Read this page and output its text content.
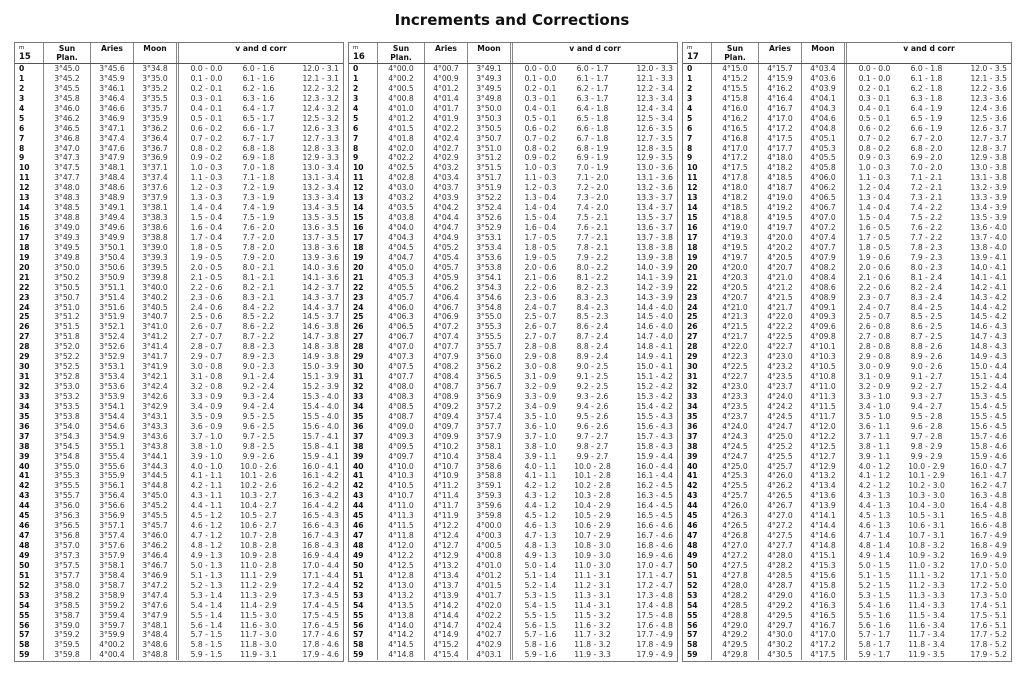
Increments and Corrections
m
15
Sun
Plan.
Aries	Moon	v and d corr
0	3°45.0	3°45.6	3°34.8	0.0 - 0.0	6.0 - 1.6	12.0 - 3.1
1	3°45.2	3°45.9	3°35.0	0.1 - 0.0	6.1 - 1.6	12.1 - 3.1
2	3°45.5	3°46.1	3°35.2	0.2 - 0.1	6.2 - 1.6	12.2 - 3.2
3	3°45.8	3°46.4	3°35.5	0.3 - 0.1	6.3 - 1.6	12.3 - 3.2
4	3°46.0	3°46.6	3°35.7	0.4 - 0.1	6.4 - 1.7	12.4 - 3.2
5	3°46.2	3°46.9	3°35.9	0.5 - 0.1	6.5 - 1.7	12.5 - 3.2
6	3°46.5	3°47.1	3°36.2	0.6 - 0.2	6.6 - 1.7	12.6 - 3.3
7	3°46.8	3°47.4	3°36.4	0.7 - 0.2	6.7 - 1.7	12.7 - 3.3
8	3°47.0	3°47.6	3°36.7	0.8 - 0.2	6.8 - 1.8	12.8 - 3.3
9	3°47.3	3°47.9	3°36.9	0.9 - 0.2	6.9 - 1.8	12.9 - 3.3
10	3°47.5	3°48.1	3°37.1	1.0 - 0.3	7.0 - 1.8	13.0 - 3.4
11	3°47.7	3°48.4	3°37.4	1.1 - 0.3	7.1 - 1.8	13.1 - 3.4
12	3°48.0	3°48.6	3°37.6	1.2 - 0.3	7.2 - 1.9	13.2 - 3.4
13	3°48.3	3°48.9	3°37.9	1.3 - 0.3	7.3 - 1.9	13.3 - 3.4
14	3°48.5	3°49.1	3°38.1	1.4 - 0.4	7.4 - 1.9	13.4 - 3.5
15	3°48.8	3°49.4	3°38.3	1.5 - 0.4	7.5 - 1.9	13.5 - 3.5
16	3°49.0	3°49.6	3°38.6	1.6 - 0.4	7.6 - 2.0	13.6 - 3.5
17	3°49.3	3°49.9	3°38.8	1.7 - 0.4	7.7 - 2.0	13.7 - 3.5
18	3°49.5	3°50.1	3°39.0	1.8 - 0.5	7.8 - 2.0	13.8 - 3.6
19	3°49.8	3°50.4	3°39.3	1.9 - 0.5	7.9 - 2.0	13.9 - 3.6
20	3°50.0	3°50.6	3°39.5	2.0 - 0.5	8.0 - 2.1	14.0 - 3.6
21	3°50.2	3°50.9	3°39.8	2.1 - 0.5	8.1 - 2.1	14.1 - 3.6
22	3°50.5	3°51.1	3°40.0	2.2 - 0.6	8.2 - 2.1	14.2 - 3.7
23	3°50.7	3°51.4	3°40.2	2.3 - 0.6	8.3 - 2.1	14.3 - 3.7
24	3°51.0	3°51.6	3°40.5	2.4 - 0.6	8.4 - 2.2	14.4 - 3.7
25	3°51.2	3°51.9	3°40.7	2.5 - 0.6	8.5 - 2.2	14.5 - 3.7
26	3°51.5	3°52.1	3°41.0	2.6 - 0.7	8.6 - 2.2	14.6 - 3.8
27	3°51.8	3°52.4	3°41.2	2.7 - 0.7	8.7 - 2.2	14.7 - 3.8
28	3°52.0	3°52.6	3°41.4	2.8 - 0.7	8.8 - 2.3	14.8 - 3.8
29	3°52.2	3°52.9	3°41.7	2.9 - 0.7	8.9 - 2.3	14.9 - 3.8
30	3°52.5	3°53.1	3°41.9	3.0 - 0.8	9.0 - 2.3	15.0 - 3.9
31	3°52.8	3°53.4	3°42.1	3.1 - 0.8	9.1 - 2.4	15.1 - 3.9
32	3°53.0	3°53.6	3°42.4	3.2 - 0.8	9.2 - 2.4	15.2 - 3.9
33	3°53.2	3°53.9	3°42.6	3.3 - 0.9	9.3 - 2.4	15.3 - 4.0
34	3°53.5	3°54.1	3°42.9	3.4 - 0.9	9.4 - 2.4	15.4 - 4.0
35	3°53.8	3°54.4	3°43.1	3.5 - 0.9	9.5 - 2.5	15.5 - 4.0
36	3°54.0	3°54.6	3°43.3	3.6 - 0.9	9.6 - 2.5	15.6 - 4.0
37	3°54.3	3°54.9	3°43.6	3.7 - 1.0	9.7 - 2.5	15.7 - 4.1
38	3°54.5	3°55.1	3°43.8	3.8 - 1.0	9.8 - 2.5	15.8 - 4.1
39	3°54.8	3°55.4	3°44.1	3.9 - 1.0	9.9 - 2.6	15.9 - 4.1
40	3°55.0	3°55.6	3°44.3	4.0 - 1.0	10.0 - 2.6	16.0 - 4.1
41	3°55.3	3°55.9	3°44.5	4.1 - 1.1	10.1 - 2.6	16.1 - 4.2
42	3°55.5	3°56.1	3°44.8	4.2 - 1.1	10.2 - 2.6	16.2 - 4.2
43	3°55.7	3°56.4	3°45.0	4.3 - 1.1	10.3 - 2.7	16.3 - 4.2
44	3°56.0	3°56.6	3°45.2	4.4 - 1.1	10.4 - 2.7	16.4 - 4.2
45	3°56.3	3°56.9	3°45.5	4.5 - 1.2	10.5 - 2.7	16.5 - 4.3
46	3°56.5	3°57.1	3°45.7	4.6 - 1.2	10.6 - 2.7	16.6 - 4.3
47	3°56.8	3°57.4	3°46.0	4.7 - 1.2	10.7 - 2.8	16.7 - 4.3
48	3°57.0	3°57.6	3°46.2	4.8 - 1.2	10.8 - 2.8	16.8 - 4.3
49	3°57.3	3°57.9	3°46.4	4.9 - 1.3	10.9 - 2.8	16.9 - 4.4
50	3°57.5	3°58.1	3°46.7	5.0 - 1.3	11.0 - 2.8	17.0 - 4.4
51	3°57.7	3°58.4	3°46.9	5.1 - 1.3	11.1 - 2.9	17.1 - 4.4
52	3°58.0	3°58.7	3°47.2	5.2 - 1.3	11.2 - 2.9	17.2 - 4.4
53	3°58.2	3°58.9	3°47.4	5.3 - 1.4	11.3 - 2.9	17.3 - 4.5
54	3°58.5	3°59.2	3°47.6	5.4 - 1.4	11.4 - 2.9	17.4 - 4.5
55	3°58.7	3°59.4	3°47.9	5.5 - 1.4	11.5 - 3.0	17.5 - 4.5
56	3°59.0	3°59.7	3°48.1	5.6 - 1.4	11.6 - 3.0	17.6 - 4.5
57	3°59.2	3°59.9	3°48.4	5.7 - 1.5	11.7 - 3.0	17.7 - 4.6
58	3°59.5	4°00.2	3°48.6	5.8 - 1.5	11.8 - 3.0	17.8 - 4.6
59	3°59.8	4°00.4	3°48.8	5.9 - 1.5	11.9 - 3.1	17.9 - 4.6
m
16
Sun
Plan.
Aries	Moon	v and d corr
0	4°00.0	4°00.7	3°49.1	0.0 - 0.0	6.0 - 1.7	12.0 - 3.3
1	4°00.2	4°00.9	3°49.3	0.1 - 0.0	6.1 - 1.7	12.1 - 3.3
2	4°00.5	4°01.2	3°49.5	0.2 - 0.1	6.2 - 1.7	12.2 - 3.4
3	4°00.8	4°01.4	3°49.8	0.3 - 0.1	6.3 - 1.7	12.3 - 3.4
4	4°01.0	4°01.7	3°50.0	0.4 - 0.1	6.4 - 1.8	12.4 - 3.4
5	4°01.2	4°01.9	3°50.3	0.5 - 0.1	6.5 - 1.8	12.5 - 3.4
6	4°01.5	4°02.2	3°50.5	0.6 - 0.2	6.6 - 1.8	12.6 - 3.5
7	4°01.8	4°02.4	3°50.7	0.7 - 0.2	6.7 - 1.8	12.7 - 3.5
8	4°02.0	4°02.7	3°51.0	0.8 - 0.2	6.8 - 1.9	12.8 - 3.5
9	4°02.2	4°02.9	3°51.2	0.9 - 0.2	6.9 - 1.9	12.9 - 3.5
10	4°02.5	4°03.2	3°51.5	1.0 - 0.3	7.0 - 1.9	13.0 - 3.6
11	4°02.8	4°03.4	3°51.7	1.1 - 0.3	7.1 - 2.0	13.1 - 3.6
12	4°03.0	4°03.7	3°51.9	1.2 - 0.3	7.2 - 2.0	13.2 - 3.6
13	4°03.2	4°03.9	3°52.2	1.3 - 0.4	7.3 - 2.0	13.3 - 3.7
14	4°03.5	4°04.2	3°52.4	1.4 - 0.4	7.4 - 2.0	13.4 - 3.7
15	4°03.8	4°04.4	3°52.6	1.5 - 0.4	7.5 - 2.1	13.5 - 3.7
16	4°04.0	4°04.7	3°52.9	1.6 - 0.4	7.6 - 2.1	13.6 - 3.7
17	4°04.3	4°04.9	3°53.1	1.7 - 0.5	7.7 - 2.1	13.7 - 3.8
18	4°04.5	4°05.2	3°53.4	1.8 - 0.5	7.8 - 2.1	13.8 - 3.8
19	4°04.7	4°05.4	3°53.6	1.9 - 0.5	7.9 - 2.2	13.9 - 3.8
20	4°05.0	4°05.7	3°53.8	2.0 - 0.6	8.0 - 2.2	14.0 - 3.9
21	4°05.3	4°05.9	3°54.1	2.1 - 0.6	8.1 - 2.2	14.1 - 3.9
22	4°05.5	4°06.2	3°54.3	2.2 - 0.6	8.2 - 2.3	14.2 - 3.9
23	4°05.7	4°06.4	3°54.6	2.3 - 0.6	8.3 - 2.3	14.3 - 3.9
24	4°06.0	4°06.7	3°54.8	2.4 - 0.7	8.4 - 2.3	14.4 - 4.0
25	4°06.3	4°06.9	3°55.0	2.5 - 0.7	8.5 - 2.3	14.5 - 4.0
26	4°06.5	4°07.2	3°55.3	2.6 - 0.7	8.6 - 2.4	14.6 - 4.0
27	4°06.7	4°07.4	3°55.5	2.7 - 0.7	8.7 - 2.4	14.7 - 4.0
28	4°07.0	4°07.7	3°55.7	2.8 - 0.8	8.8 - 2.4	14.8 - 4.1
29	4°07.3	4°07.9	3°56.0	2.9 - 0.8	8.9 - 2.4	14.9 - 4.1
30	4°07.5	4°08.2	3°56.2	3.0 - 0.8	9.0 - 2.5	15.0 - 4.1
31	4°07.7	4°08.4	3°56.5	3.1 - 0.9	9.1 - 2.5	15.1 - 4.2
32	4°08.0	4°08.7	3°56.7	3.2 - 0.9	9.2 - 2.5	15.2 - 4.2
33	4°08.3	4°08.9	3°56.9	3.3 - 0.9	9.3 - 2.6	15.3 - 4.2
34	4°08.5	4°09.2	3°57.2	3.4 - 0.9	9.4 - 2.6	15.4 - 4.2
35	4°08.7	4°09.4	3°57.4	3.5 - 1.0	9.5 - 2.6	15.5 - 4.3
36	4°09.0	4°09.7	3°57.7	3.6 - 1.0	9.6 - 2.6	15.6 - 4.3
37	4°09.3	4°09.9	3°57.9	3.7 - 1.0	9.7 - 2.7	15.7 - 4.3
38	4°09.5	4°10.2	3°58.1	3.8 - 1.0	9.8 - 2.7	15.8 - 4.3
39	4°09.7	4°10.4	3°58.4	3.9 - 1.1	9.9 - 2.7	15.9 - 4.4
40	4°10.0	4°10.7	3°58.6	4.0 - 1.1	10.0 - 2.8	16.0 - 4.4
41	4°10.3	4°10.9	3°58.8	4.1 - 1.1	10.1 - 2.8	16.1 - 4.4
42	4°10.5	4°11.2	3°59.1	4.2 - 1.2	10.2 - 2.8	16.2 - 4.5
43	4°10.7	4°11.4	3°59.3	4.3 - 1.2	10.3 - 2.8	16.3 - 4.5
44	4°11.0	4°11.7	3°59.6	4.4 - 1.2	10.4 - 2.9	16.4 - 4.5
45	4°11.3	4°11.9	3°59.8	4.5 - 1.2	10.5 - 2.9	16.5 - 4.5
46	4°11.5	4°12.2	4°00.0	4.6 - 1.3	10.6 - 2.9	16.6 - 4.6
47	4°11.8	4°12.4	4°00.3	4.7 - 1.3	10.7 - 2.9	16.7 - 4.6
48	4°12.0	4°12.7	4°00.5	4.8 - 1.3	10.8 - 3.0	16.8 - 4.6
49	4°12.2	4°12.9	4°00.8	4.9 - 1.3	10.9 - 3.0	16.9 - 4.6
50	4°12.5	4°13.2	4°01.0	5.0 - 1.4	11.0 - 3.0	17.0 - 4.7
51	4°12.8	4°13.4	4°01.2	5.1 - 1.4	11.1 - 3.1	17.1 - 4.7
52	4°13.0	4°13.7	4°01.5	5.2 - 1.4	11.2 - 3.1	17.2 - 4.7
53	4°13.2	4°13.9	4°01.7	5.3 - 1.5	11.3 - 3.1	17.3 - 4.8
54	4°13.5	4°14.2	4°02.0	5.4 - 1.5	11.4 - 3.1	17.4 - 4.8
55	4°13.8	4°14.4	4°02.2	5.5 - 1.5	11.5 - 3.2	17.5 - 4.8
56	4°14.0	4°14.7	4°02.4	5.6 - 1.5	11.6 - 3.2	17.6 - 4.8
57	4°14.2	4°14.9	4°02.7	5.7 - 1.6	11.7 - 3.2	17.7 - 4.9
58	4°14.5	4°15.2	4°02.9	5.8 - 1.6	11.8 - 3.2	17.8 - 4.9
59	4°14.8	4°15.4	4°03.1	5.9 - 1.6	11.9 - 3.3	17.9 - 4.9
m
17
Sun
Plan.
Aries	Moon	v and d corr
0	4°15.0	4°15.7	4°03.4	0.0 - 0.0	6.0 - 1.8	12.0 - 3.5
1	4°15.2	4°15.9	4°03.6	0.1 - 0.0	6.1 - 1.8	12.1 - 3.5
2	4°15.5	4°16.2	4°03.9	0.2 - 0.1	6.2 - 1.8	12.2 - 3.6
3	4°15.8	4°16.4	4°04.1	0.3 - 0.1	6.3 - 1.8	12.3 - 3.6
4	4°16.0	4°16.7	4°04.3	0.4 - 0.1	6.4 - 1.9	12.4 - 3.6
5	4°16.2	4°17.0	4°04.6	0.5 - 0.1	6.5 - 1.9	12.5 - 3.6
6	4°16.5	4°17.2	4°04.8	0.6 - 0.2	6.6 - 1.9	12.6 - 3.7
7	4°16.8	4°17.5	4°05.1	0.7 - 0.2	6.7 - 2.0	12.7 - 3.7
8	4°17.0	4°17.7	4°05.3	0.8 - 0.2	6.8 - 2.0	12.8 - 3.7
9	4°17.2	4°18.0	4°05.5	0.9 - 0.3	6.9 - 2.0	12.9 - 3.8
10	4°17.5	4°18.2	4°05.8	1.0 - 0.3	7.0 - 2.0	13.0 - 3.8
11	4°17.8	4°18.5	4°06.0	1.1 - 0.3	7.1 - 2.1	13.1 - 3.8
12	4°18.0	4°18.7	4°06.2	1.2 - 0.4	7.2 - 2.1	13.2 - 3.9
13	4°18.2	4°19.0	4°06.5	1.3 - 0.4	7.3 - 2.1	13.3 - 3.9
14	4°18.5	4°19.2	4°06.7	1.4 - 0.4	7.4 - 2.2	13.4 - 3.9
15	4°18.8	4°19.5	4°07.0	1.5 - 0.4	7.5 - 2.2	13.5 - 3.9
16	4°19.0	4°19.7	4°07.2	1.6 - 0.5	7.6 - 2.2	13.6 - 4.0
17	4°19.3	4°20.0	4°07.4	1.7 - 0.5	7.7 - 2.2	13.7 - 4.0
18	4°19.5	4°20.2	4°07.7	1.8 - 0.5	7.8 - 2.3	13.8 - 4.0
19	4°19.7	4°20.5	4°07.9	1.9 - 0.6	7.9 - 2.3	13.9 - 4.1
20	4°20.0	4°20.7	4°08.2	2.0 - 0.6	8.0 - 2.3	14.0 - 4.1
21	4°20.3	4°21.0	4°08.4	2.1 - 0.6	8.1 - 2.4	14.1 - 4.1
22	4°20.5	4°21.2	4°08.6	2.2 - 0.6	8.2 - 2.4	14.2 - 4.1
23	4°20.7	4°21.5	4°08.9	2.3 - 0.7	8.3 - 2.4	14.3 - 4.2
24	4°21.0	4°21.7	4°09.1	2.4 - 0.7	8.4 - 2.5	14.4 - 4.2
25	4°21.3	4°22.0	4°09.3	2.5 - 0.7	8.5 - 2.5	14.5 - 4.2
26	4°21.5	4°22.2	4°09.6	2.6 - 0.8	8.6 - 2.5	14.6 - 4.3
27	4°21.7	4°22.5	4°09.8	2.7 - 0.8	8.7 - 2.5	14.7 - 4.3
28	4°22.0	4°22.7	4°10.1	2.8 - 0.8	8.8 - 2.6	14.8 - 4.3
29	4°22.3	4°23.0	4°10.3	2.9 - 0.8	8.9 - 2.6	14.9 - 4.3
30	4°22.5	4°23.2	4°10.5	3.0 - 0.9	9.0 - 2.6	15.0 - 4.4
31	4°22.7	4°23.5	4°10.8	3.1 - 0.9	9.1 - 2.7	15.1 - 4.4
32	4°23.0	4°23.7	4°11.0	3.2 - 0.9	9.2 - 2.7	15.2 - 4.4
33	4°23.3	4°24.0	4°11.3	3.3 - 1.0	9.3 - 2.7	15.3 - 4.5
34	4°23.5	4°24.2	4°11.5	3.4 - 1.0	9.4 - 2.7	15.4 - 4.5
35	4°23.7	4°24.5	4°11.7	3.5 - 1.0	9.5 - 2.8	15.5 - 4.5
36	4°24.0	4°24.7	4°12.0	3.6 - 1.1	9.6 - 2.8	15.6 - 4.5
37	4°24.3	4°25.0	4°12.2	3.7 - 1.1	9.7 - 2.8	15.7 - 4.6
38	4°24.5	4°25.2	4°12.5	3.8 - 1.1	9.8 - 2.9	15.8 - 4.6
39	4°24.7	4°25.5	4°12.7	3.9 - 1.1	9.9 - 2.9	15.9 - 4.6
40	4°25.0	4°25.7	4°12.9	4.0 - 1.2	10.0 - 2.9	16.0 - 4.7
41	4°25.3	4°26.0	4°13.2	4.1 - 1.2	10.1 - 2.9	16.1 - 4.7
42	4°25.5	4°26.2	4°13.4	4.2 - 1.2	10.2 - 3.0	16.2 - 4.7
43	4°25.7	4°26.5	4°13.6	4.3 - 1.3	10.3 - 3.0	16.3 - 4.8
44	4°26.0	4°26.7	4°13.9	4.4 - 1.3	10.4 - 3.0	16.4 - 4.8
45	4°26.3	4°27.0	4°14.1	4.5 - 1.3	10.5 - 3.1	16.5 - 4.8
46	4°26.5	4°27.2	4°14.4	4.6 - 1.3	10.6 - 3.1	16.6 - 4.8
47	4°26.8	4°27.5	4°14.6	4.7 - 1.4	10.7 - 3.1	16.7 - 4.9
48	4°27.0	4°27.7	4°14.8	4.8 - 1.4	10.8 - 3.2	16.8 - 4.9
49	4°27.2	4°28.0	4°15.1	4.9 - 1.4	10.9 - 3.2	16.9 - 4.9
50	4°27.5	4°28.2	4°15.3	5.0 - 1.5	11.0 - 3.2	17.0 - 5.0
51	4°27.8	4°28.5	4°15.6	5.1 - 1.5	11.1 - 3.2	17.1 - 5.0
52	4°28.0	4°28.7	4°15.8	5.2 - 1.5	11.2 - 3.3	17.2 - 5.0
53	4°28.2	4°29.0	4°16.0	5.3 - 1.5	11.3 - 3.3	17.3 - 5.0
54	4°28.5	4°29.2	4°16.3	5.4 - 1.6	11.4 - 3.3	17.4 - 5.1
55	4°28.8	4°29.5	4°16.5	5.5 - 1.6	11.5 - 3.4	17.5 - 5.1
56	4°29.0	4°29.7	4°16.7	5.6 - 1.6	11.6 - 3.4	17.6 - 5.1
57	4°29.2	4°30.0	4°17.0	5.7 - 1.7	11.7 - 3.4	17.7 - 5.2
58	4°29.5	4°30.2	4°17.2	5.8 - 1.7	11.8 - 3.4	17.8 - 5.2
59	4°29.8	4°30.5	4°17.5	5.9 - 1.7	11.9 - 3.5	17.9 - 5.2
